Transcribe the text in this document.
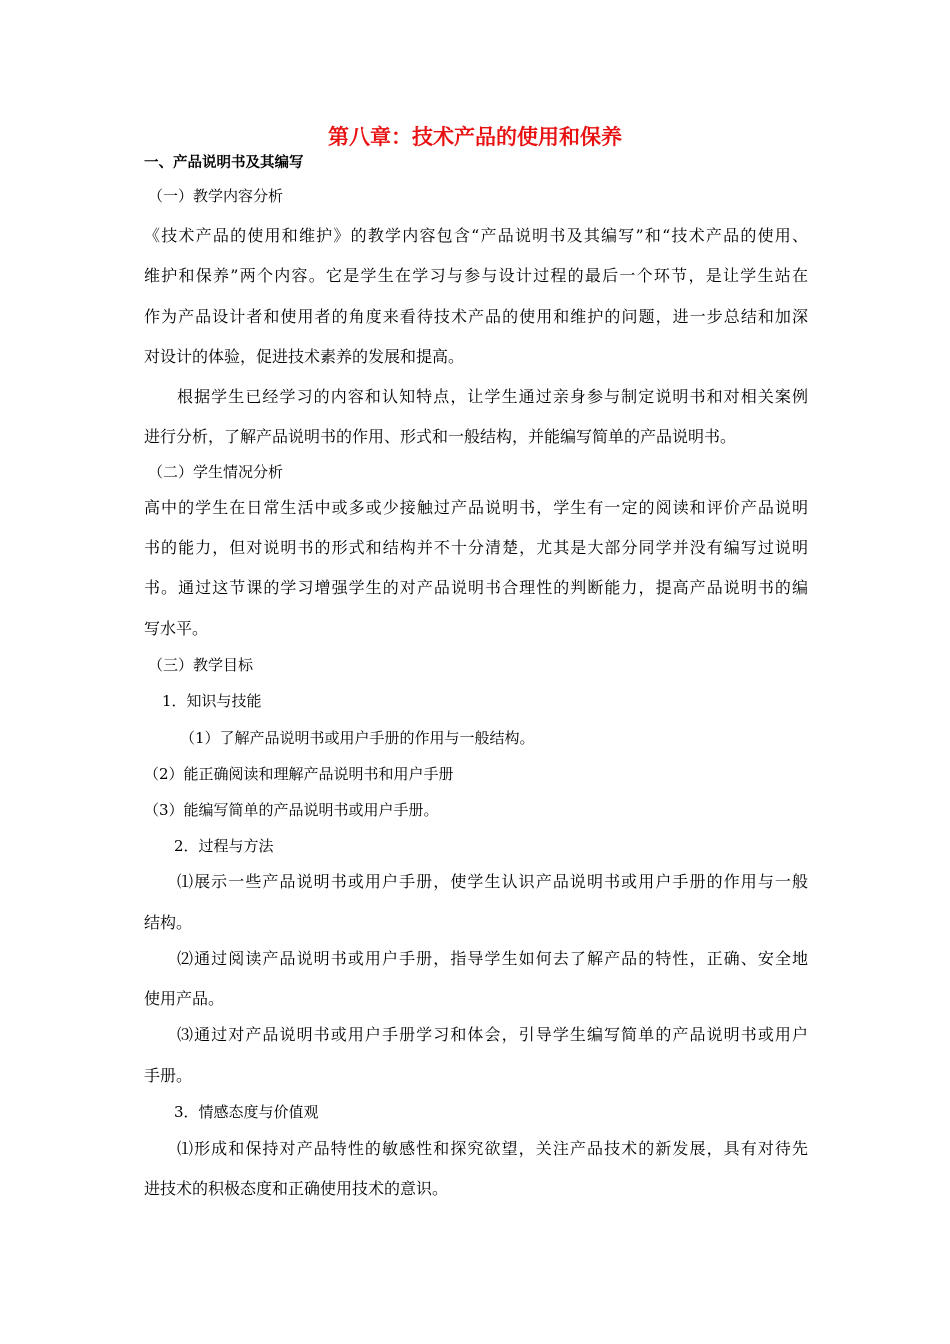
第八章：技术产品的使用和保养
一、产品说明书及其编写
（一）教学内容分析
《技术产品的使用和维护》的教学内容包含“产品说明书及其编写”和“技术产品的使用、
维护和保养”两个内容。它是学生在学习与参与设计过程的最后一个环节，是让学生站在
作为产品设计者和使用者的角度来看待技术产品的使用和维护的问题，进一步总结和加深
对设计的体验，促进技术素养的发展和提高。
根据学生已经学习的内容和认知特点，让学生通过亲身参与制定说明书和对相关案例
进行分析，了解产品说明书的作用、形式和一般结构，并能编写简单的产品说明书。
（二）学生情况分析
高中的学生在日常生活中或多或少接触过产品说明书，学生有一定的阅读和评价产品说明
书的能力，但对说明书的形式和结构并不十分清楚，尤其是大部分同学并没有编写过说明
书。通过这节课的学习增强学生的对产品说明书合理性的判断能力，提高产品说明书的编
写水平。
（三）教学目标
1．知识与技能
（1）了解产品说明书或用户手册的作用与一般结构。
（2）能正确阅读和理解产品说明书和用户手册
（3）能编写简单的产品说明书或用户手册。
2．过程与方法
⑴展示一些产品说明书或用户手册，使学生认识产品说明书或用户手册的作用与一般
结构。
⑵通过阅读产品说明书或用户手册，指导学生如何去了解产品的特性，正确、安全地
使用产品。
⑶通过对产品说明书或用户手册学习和体会，引导学生编写简单的产品说明书或用户
手册。
3．情感态度与价值观
⑴形成和保持对产品特性的敏感性和探究欲望，关注产品技术的新发展，具有对待先
进技术的积极态度和正确使用技术的意识。
